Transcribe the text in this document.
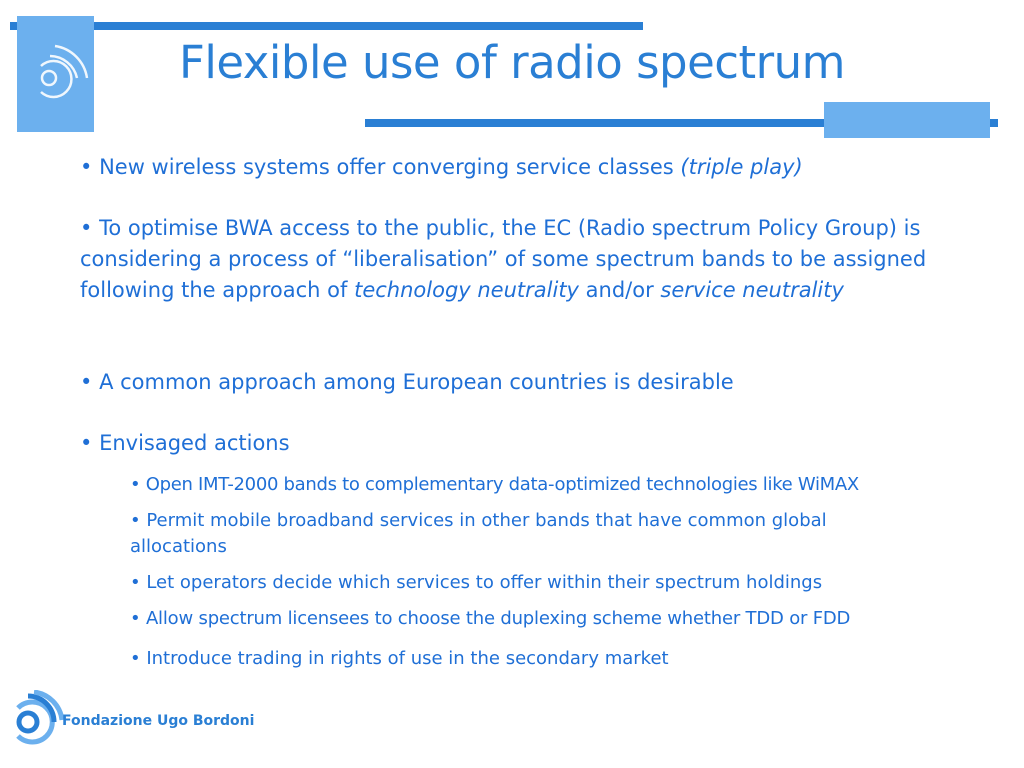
Flexible use of radio spectrum
• New wireless systems offer converging service classes (triple play)
• To optimise BWA access to the public, the EC (Radio spectrum Policy Group) is considering a process of “liberalisation” of some spectrum bands to be assigned following the approach of technology neutrality and/or service neutrality
• A common approach among European countries is desirable
• Envisaged actions
• Open IMT-2000 bands to complementary data-optimized technologies like WiMAX
• Permit mobile broadband services in other bands that have common global allocations
• Let operators decide which services to offer within their spectrum holdings
• Allow spectrum licensees to choose the duplexing scheme whether TDD or FDD
• Introduce trading in rights of use in the secondary market
Fondazione Ugo Bordoni
